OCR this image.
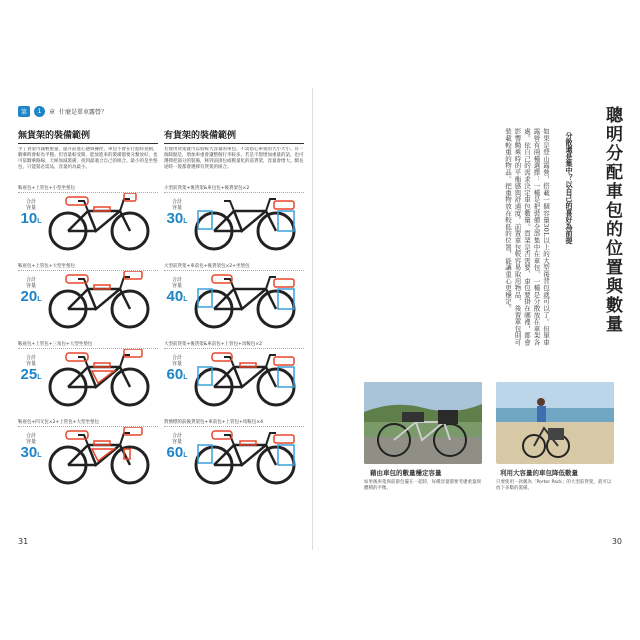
第	1	章 什麼是單車露營？
無貨架的裝備範例
少了貨架可減輕重量，提升前進心態與操控，車包不會在行進時晃動，騎乘時會較為平穩。但容量較受限，能放進來的裝備都要分類放好，也可依騎乘路線、天候加減裝備，找到最適合自己的組合。最小的是坐墊包，只能裝必需品，容量約為最小。
鞍座包+上管包+小型坐墊包
合計
容量
10L
鞍座包+上管包+大型坐墊包
合計
容量
20L
鞍座包+上管包+三角包+大型坐墊包
合計
容量
25L
鞍座包+四叉包×2+上管包+大型坐墊包
合計
容量
30L
有貨架的裝備範例
若使用貨架就可以將較大容量的車包、不需搭心車架的大小大小。有一個缺點是，增加車重會讓整個行李較多。若是不想增加重量的話，也可選擇把部分的裝備，移到前掛包或輕量化的前貨架，容量會增大。騎長途時一般都會選擇有貨架的組合。
小型前貨架+後貨架&車包包+後貨架包×2
合計
容量
30L
大型前貨架+車前包+後貨架包×2+坐墊包
合計
容量
40L
大型前貨架+後貨架&車前包+上管包+馬鞍包×2
合計
容量
60L
對號標的前後貨架包+車前包+上管包+馬鞍包×4
合計
容量
60L
31
聰明分配車包的位置與數量
分散還是集中？以自己的喜好為前提
如果是登山露營，搭載一個容量30L以上的大型後背包就可以了。但單車露營有兩種選擇：一種是把裝備全部集中在車包，一種是分散放在車架各處。依自己的需求決定車包數量。貨架是否需要、車包要掛在哪裡，都會影響騎乘時的平衡感與舒適度。前置車包較容易取用物品，後置車包則可裝載較重的物品。把重物放在較低的位置，能讓重心更穩定。
藉由車包的數量穩定容量
如果後車架與前掛包擺在一起時，每種容量都要考慮重量與體積的平衡。
利用大容量的車包降低數量
只要使用一款稱為「Porter Pack」的大型前貨架，就可以放下多數的裝備。
30
